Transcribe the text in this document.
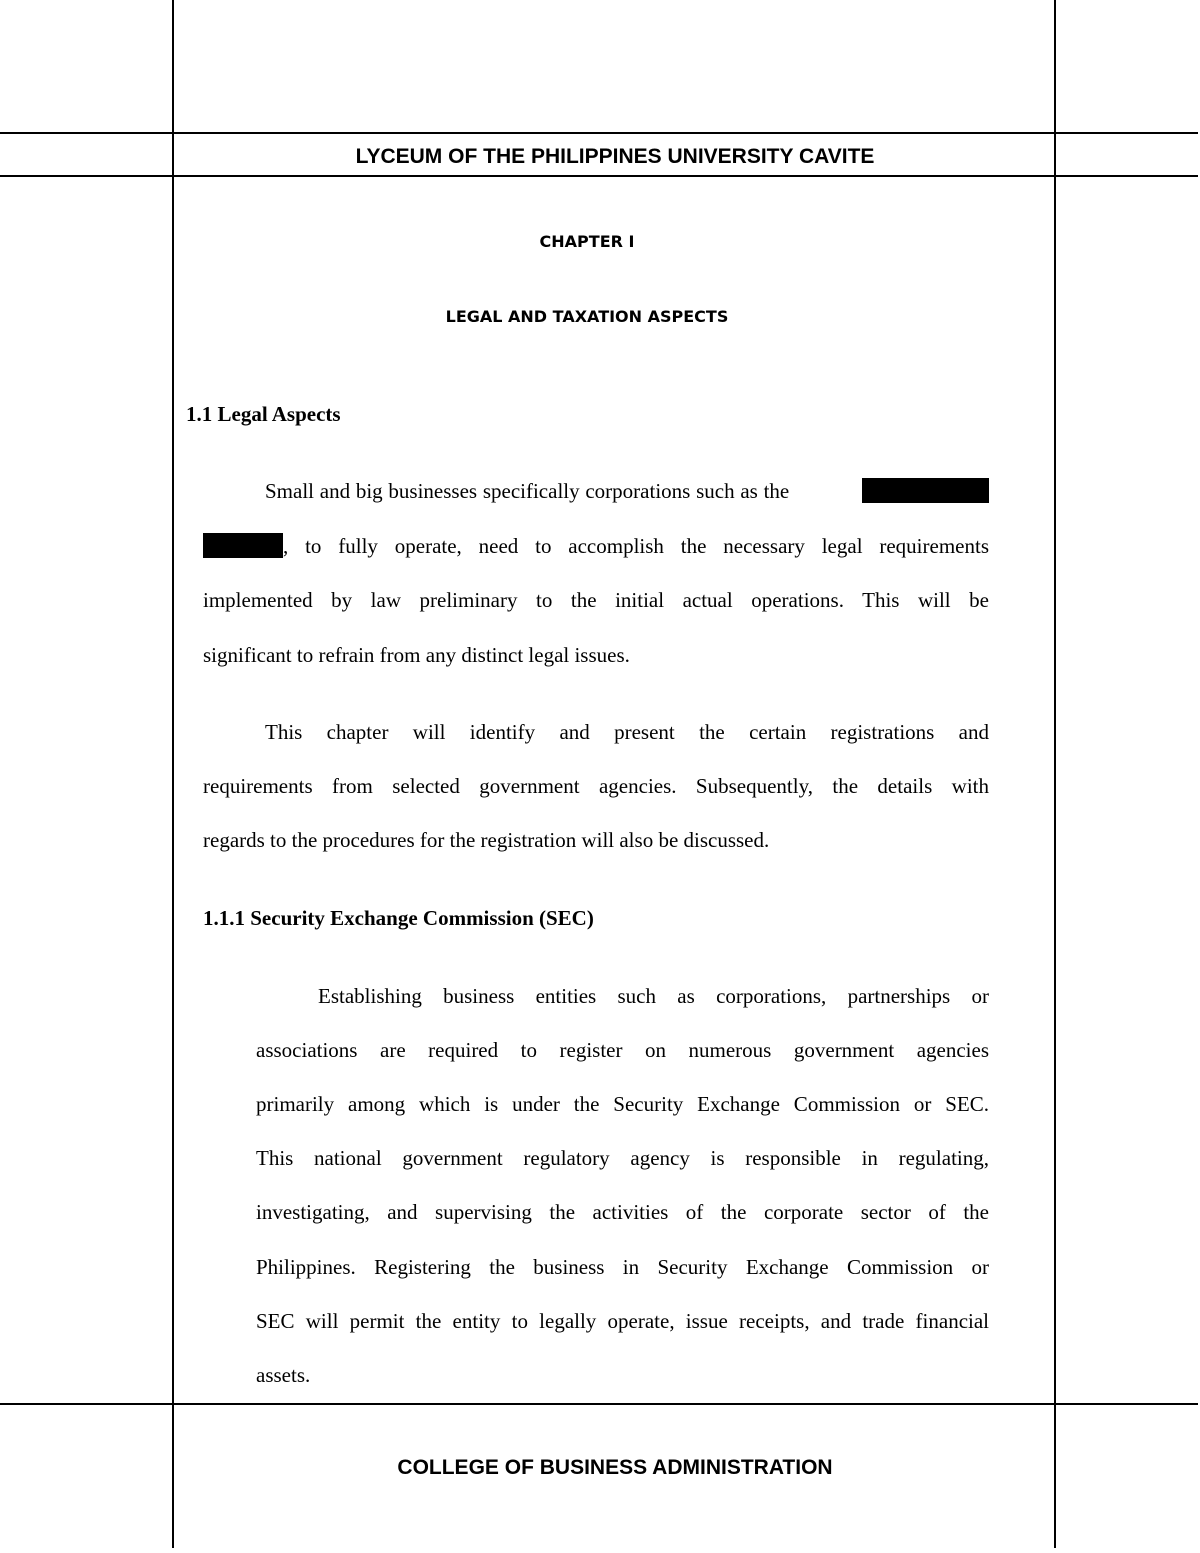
LYCEUM OF THE PHILIPPINES UNIVERSITY CAVITE
CHAPTER I
LEGAL AND TAXATION ASPECTS
1.1 Legal Aspects
Small and big businesses specifically corporations such as the
, to fully operate, need to accomplish the necessary legal requirements
implemented by law preliminary to the initial actual operations. This will be
significant to refrain from any distinct legal issues.
This chapter will identify and present the certain registrations and
requirements from selected government agencies. Subsequently, the details with
regards to the procedures for the registration will also be discussed.
1.1.1 Security Exchange Commission (SEC)
Establishing business entities such as corporations, partnerships or
associations are required to register on numerous government agencies
primarily among which is under the Security Exchange Commission or SEC.
This national government regulatory agency is responsible in regulating,
investigating, and supervising the activities of the corporate sector of the
Philippines. Registering the business in Security Exchange Commission or
SEC will permit the entity to legally operate, issue receipts, and trade financial
assets.
COLLEGE OF BUSINESS ADMINISTRATION
